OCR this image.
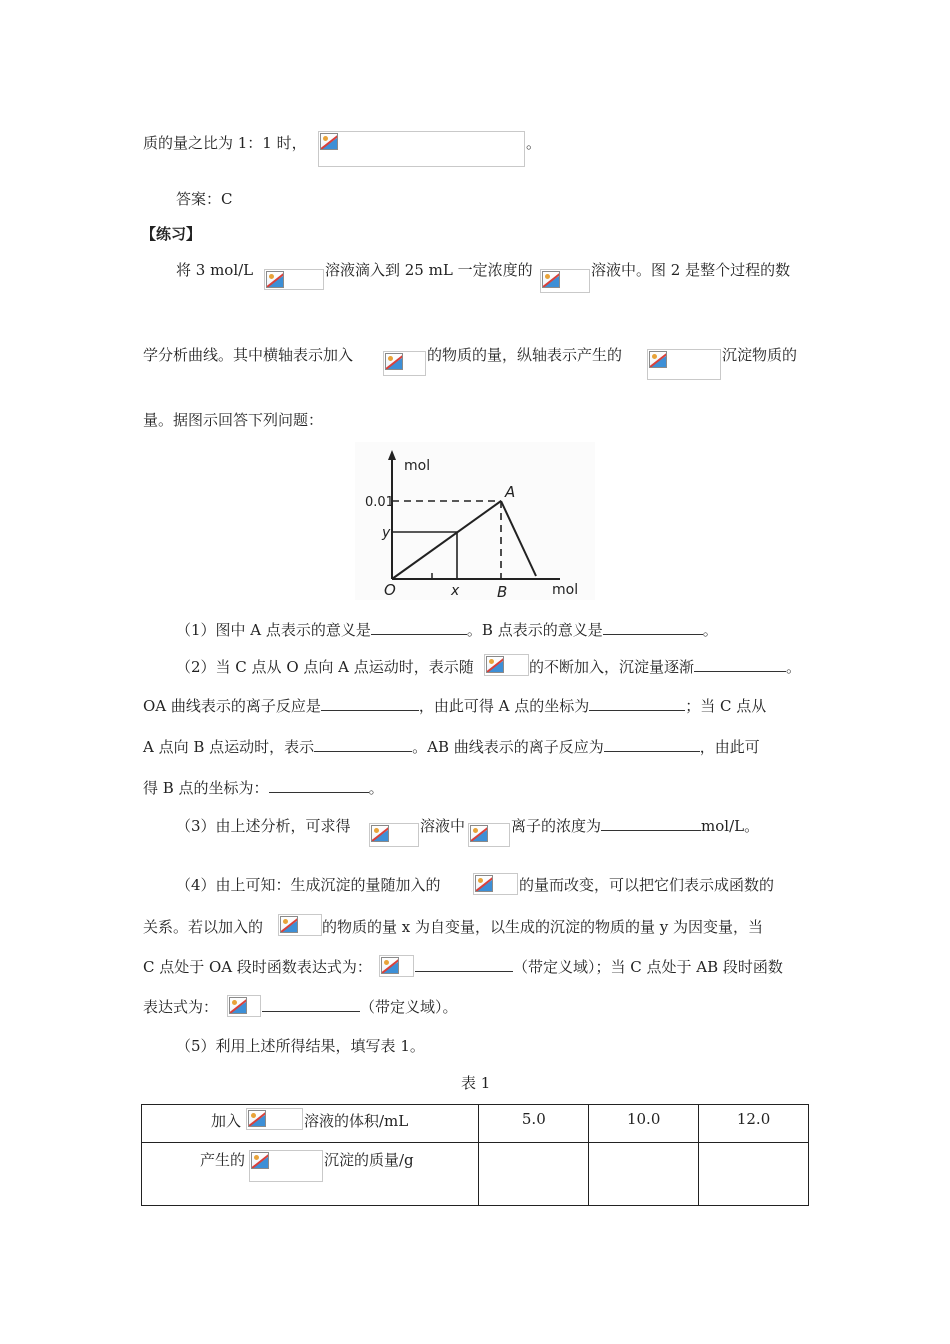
质的量之比为 1：1 时，	。
答案：C
【练习】
将 3 mol/L	溶液滴入到 25 mL 一定浓度的	溶液中。图 2 是整个过程的数
学分析曲线。其中横轴表示加入	的物质的量，纵轴表示产生的	沉淀物质的
量。据图示回答下列问题：
mol
mol
0.01
y
O	x	B
A
（1）图中 A 点表示的意义是	。B 点表示的意义是	。
（2）当 C 点从 O 点向 A 点运动时，表示随	的不断加入，沉淀量逐渐	。
OA 曲线表示的离子反应是	，由此可得 A 点的坐标为	；当 C 点从
A 点向 B 点运动时，表示	。AB 曲线表示的离子反应为	，由此可
得 B 点的坐标为：	。
（3）由上述分析，可求得	溶液中	离子的浓度为	mol/L。
（4）由上可知：生成沉淀的量随加入的	的量而改变，可以把它们表示成函数的
关系。若以加入的	的物质的量 x 为自变量，以生成的沉淀的物质的量 y 为因变量，当
C 点处于 OA 段时函数表达式为：	（带定义域）；当 C 点处于 AB 段时函数
表达式为：	（带定义域）。
（5）利用上述所得结果，填写表 1。
表 1
加入 溶液的体积/mL	5.0	10.0	12.0

产生的 沉淀的质量/g			
